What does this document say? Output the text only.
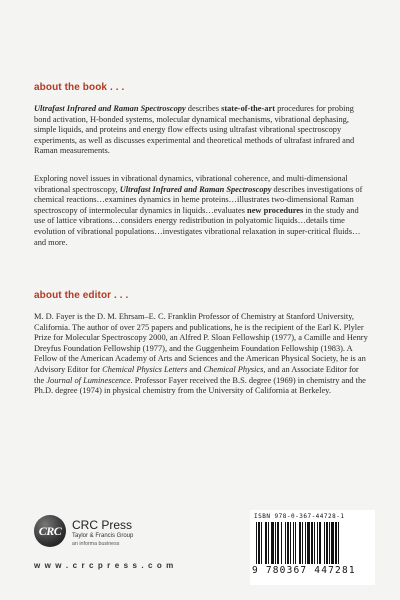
about the book . . .

Ultrafast Infrared and Raman Spectroscopy describes state-of-the-art procedures for probing bond activation, H-bonded systems, molecular dynamical mechanisms, vibrational dephasing, simple liquids, and proteins and energy flow effects using ultrafast vibrational spectroscopy experiments, as well as discusses experimental and theoretical methods of ultrafast infrared and Raman measurements.

Exploring novel issues in vibrational dynamics, vibrational coherence, and multi-dimensional vibrational spectroscopy, Ultrafast Infrared and Raman Spectroscopy describes investigations of chemical reactions…examines dynamics in heme proteins…illustrates two-dimensional Raman spectroscopy of intermolecular dynamics in liquids…evaluates new procedures in the study and use of lattice vibrations…considers energy redistribution in polyatomic liquids…details time evolution of vibrational populations…investigates vibrational relaxation in super-critical fluids…and more.

about the editor . . .

M. D. Fayer is the D. M. Ehrsam–E. C. Franklin Professor of Chemistry at Stanford University, California. The author of over 275 papers and publications, he is the recipient of the Earl K. Plyler Prize for Molecular Spectroscopy 2000, an Alfred P. Sloan Fellowship (1977), a Camille and Henry Dreyfus Foundation Fellowship (1977), and the Guggenheim Foundation Fellowship (1983). A Fellow of the American Academy of Arts and Sciences and the American Physical Society, he is an Advisory Editor for Chemical Physics Letters and Chemical Physics, and an Associate Editor for the Journal of Luminescence. Professor Fayer received the B.S. degree (1969) in chemistry and the Ph.D. degree (1974) in physical chemistry from the University of California at Berkeley.

CRC CRC Press
Taylor & Francis Group
an informa business
w w w . c r c p r e s s . c o m
ISBN 978-0-367-44728-1
9 780367 447281
